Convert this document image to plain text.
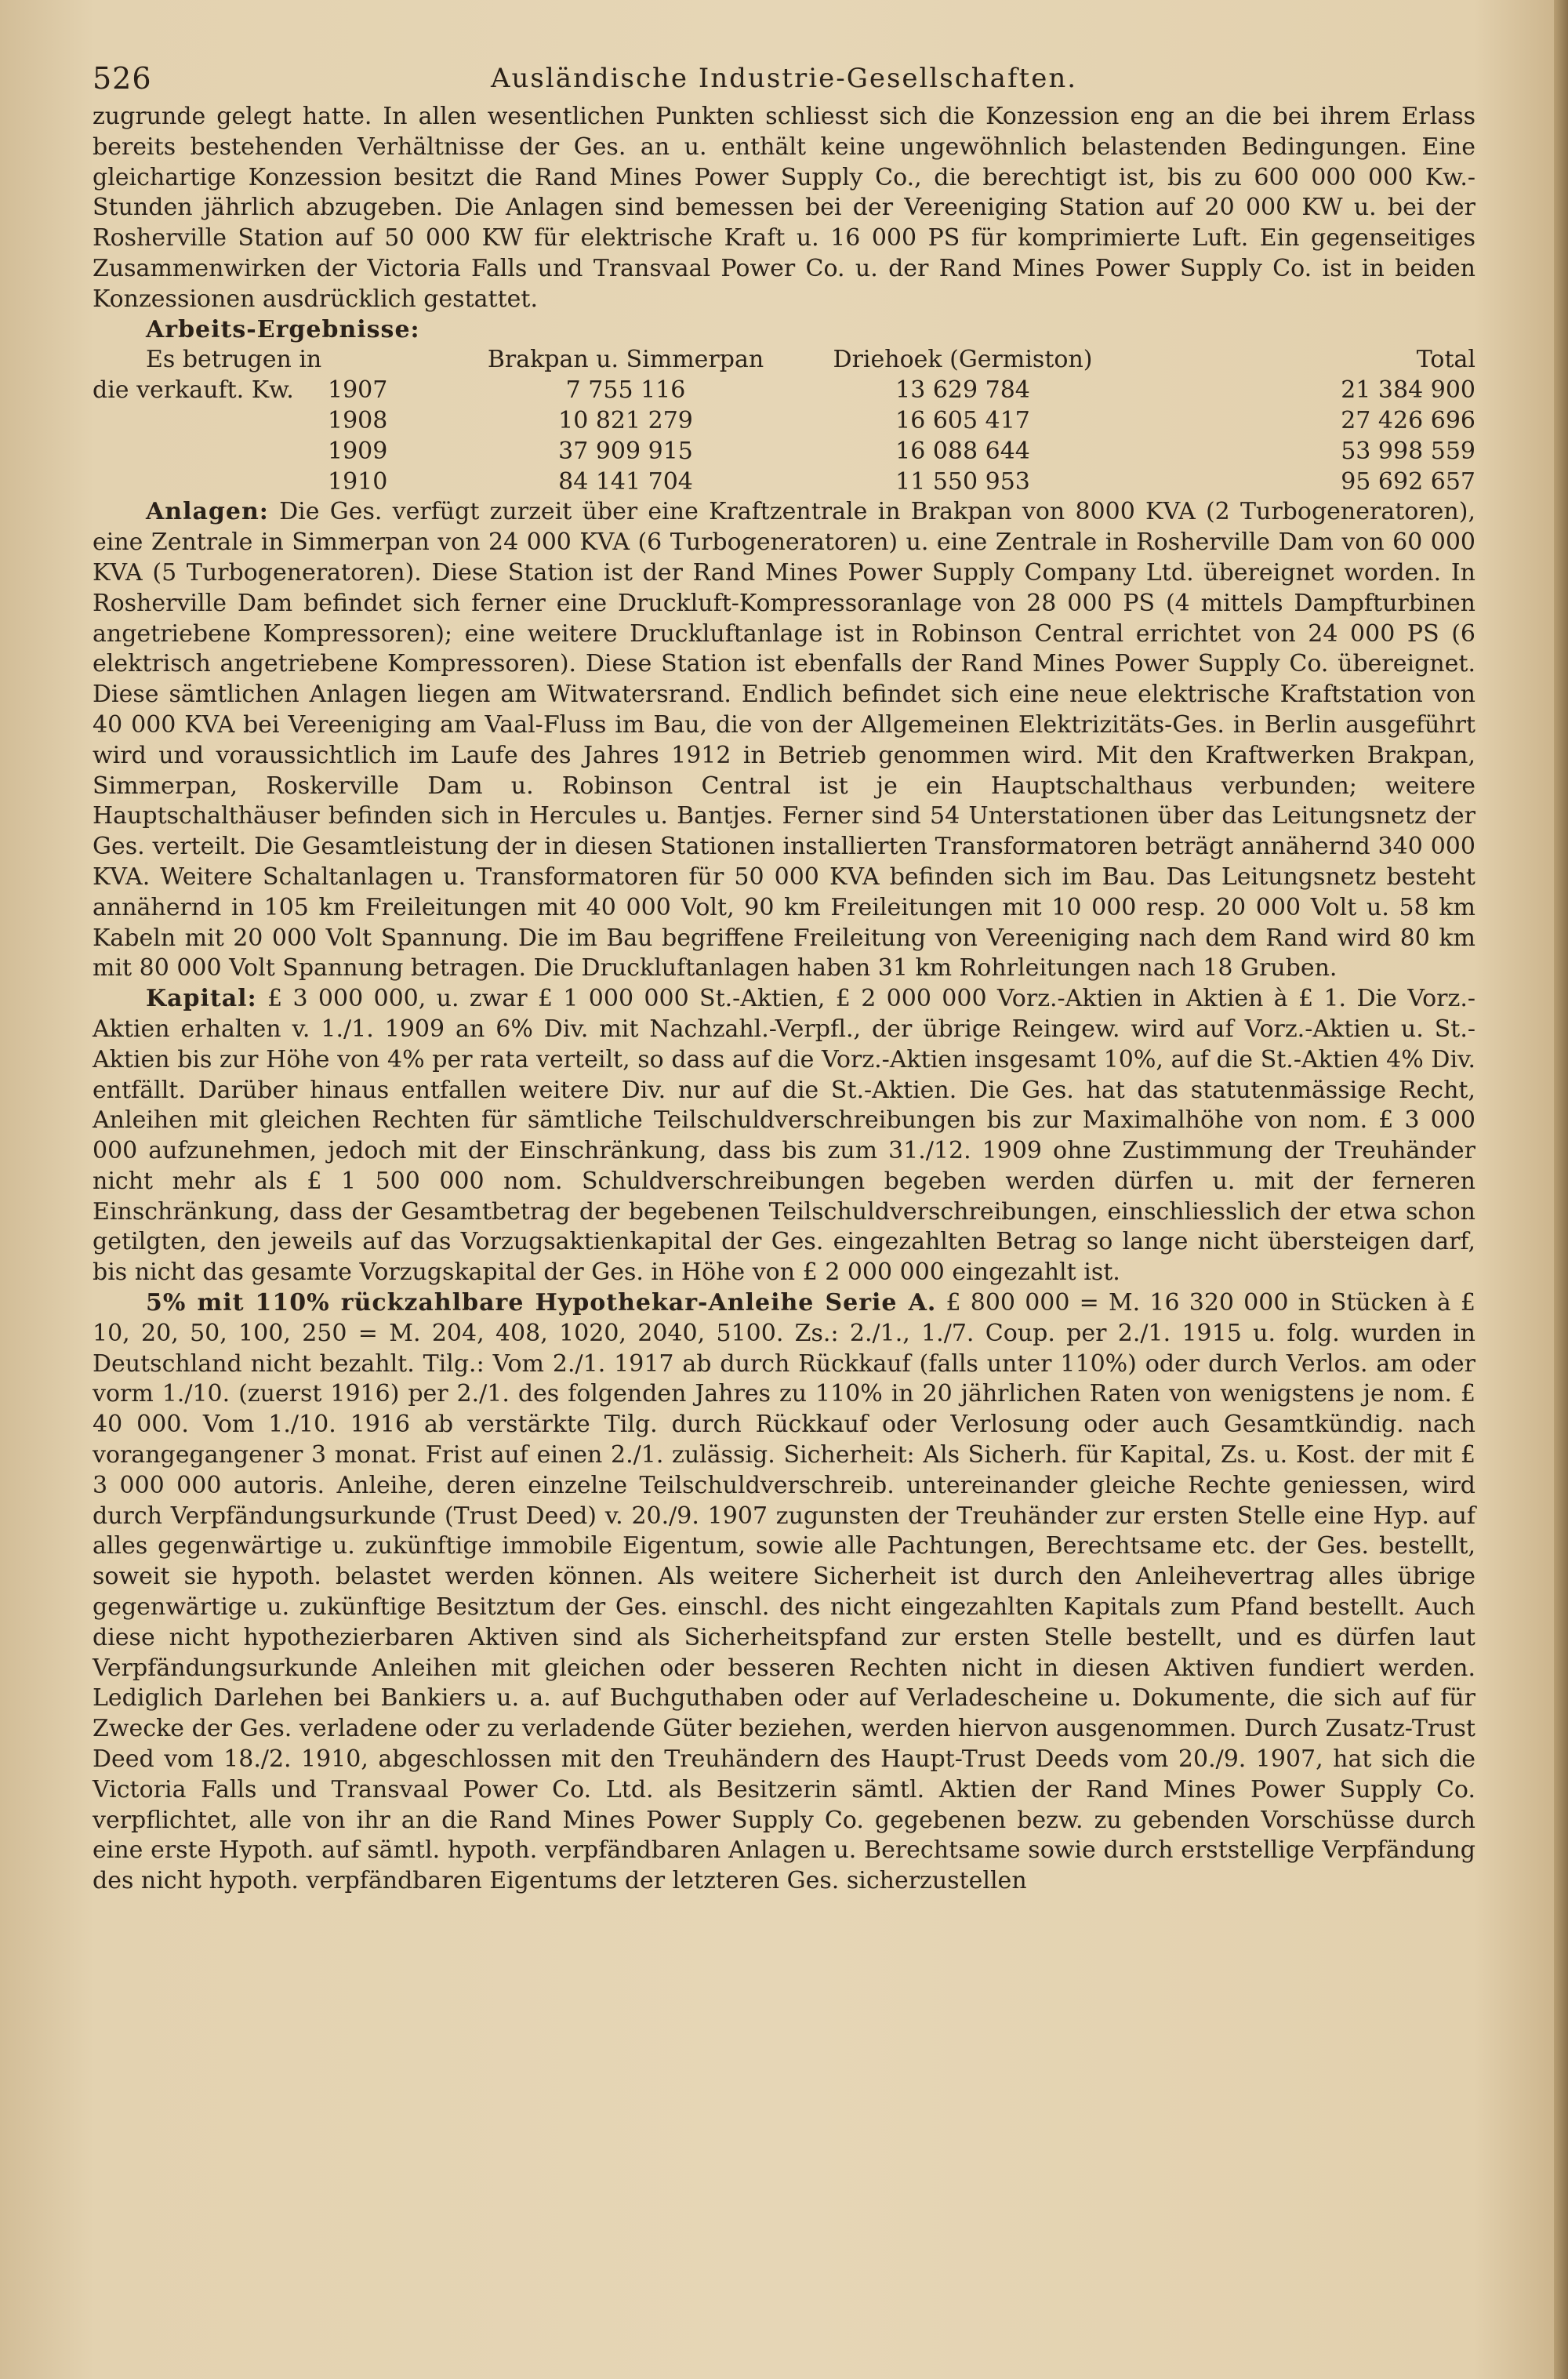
526	Ausländische Industrie-Gesellschaften.

zugrunde gelegt hatte. In allen wesentlichen Punkten schliesst sich die Konzession eng an die bei ihrem Erlass bereits bestehenden Verhältnisse der Ges. an u. enthält keine ungewöhnlich belastenden Bedingungen. Eine gleichartige Konzession besitzt die Rand Mines Power Supply Co., die berechtigt ist, bis zu 600 000 000 Kw.-Stunden jährlich abzugeben. Die Anlagen sind bemessen bei der Vereeniging Station auf 20 000 KW u. bei der Rosherville Station auf 50 000 KW für elektrische Kraft u. 16 000 PS für komprimierte Luft. Ein gegenseitiges Zusammenwirken der Victoria Falls und Transvaal Power Co. u. der Rand Mines Power Supply Co. ist in beiden Konzessionen ausdrücklich gestattet.

Arbeits-Ergebnisse:
Es betrugen in		Brakpan u. Simmerpan	Driehoek (Germiston)	Total
die verkauft. Kw.	1907	7 755 116	13 629 784	21 384 900
	1908	10 821 279	16 605 417	27 426 696
	1909	37 909 915	16 088 644	53 998 559
	1910	84 141 704	11 550 953	95 692 657

Anlagen: Die Ges. verfügt zurzeit über eine Kraftzentrale in Brakpan von 8000 KVA (2 Turbogeneratoren), eine Zentrale in Simmerpan von 24 000 KVA (6 Turbogeneratoren) u. eine Zentrale in Rosherville Dam von 60 000 KVA (5 Turbogeneratoren). Diese Station ist der Rand Mines Power Supply Company Ltd. übereignet worden. In Rosherville Dam befindet sich ferner eine Druckluft-Kompressoranlage von 28 000 PS (4 mittels Dampfturbinen angetriebene Kompressoren); eine weitere Druckluftanlage ist in Robinson Central errichtet von 24 000 PS (6 elektrisch angetriebene Kompressoren). Diese Station ist ebenfalls der Rand Mines Power Supply Co. übereignet. Diese sämtlichen Anlagen liegen am Witwatersrand. Endlich befindet sich eine neue elektrische Kraftstation von 40 000 KVA bei Vereeniging am Vaal-Fluss im Bau, die von der Allgemeinen Elektrizitäts-Ges. in Berlin ausgeführt wird und voraussichtlich im Laufe des Jahres 1912 in Betrieb genommen wird. Mit den Kraftwerken Brakpan, Simmerpan, Roskerville Dam u. Robinson Central ist je ein Hauptschalthaus verbunden; weitere Hauptschalthäuser befinden sich in Hercules u. Bantjes. Ferner sind 54 Unterstationen über das Leitungsnetz der Ges. verteilt. Die Gesamtleistung der in diesen Stationen installierten Transformatoren beträgt annähernd 340 000 KVA. Weitere Schaltanlagen u. Transformatoren für 50 000 KVA befinden sich im Bau. Das Leitungsnetz besteht annähernd in 105 km Freileitungen mit 40 000 Volt, 90 km Freileitungen mit 10 000 resp. 20 000 Volt u. 58 km Kabeln mit 20 000 Volt Spannung. Die im Bau begriffene Freileitung von Vereeniging nach dem Rand wird 80 km mit 80 000 Volt Spannung betragen. Die Druckluftanlagen haben 31 km Rohrleitungen nach 18 Gruben.

Kapital: £ 3 000 000, u. zwar £ 1 000 000 St.-Aktien, £ 2 000 000 Vorz.-Aktien in Aktien à £ 1. Die Vorz.-Aktien erhalten v. 1./1. 1909 an 6% Div. mit Nachzahl.-Verpfl., der übrige Reingew. wird auf Vorz.-Aktien u. St.-Aktien bis zur Höhe von 4% per rata verteilt, so dass auf die Vorz.-Aktien insgesamt 10%, auf die St.-Aktien 4% Div. entfällt. Darüber hinaus entfallen weitere Div. nur auf die St.-Aktien. Die Ges. hat das statutenmässige Recht, Anleihen mit gleichen Rechten für sämtliche Teilschuldverschreibungen bis zur Maximalhöhe von nom. £ 3 000 000 aufzunehmen, jedoch mit der Einschränkung, dass bis zum 31./12. 1909 ohne Zustimmung der Treuhänder nicht mehr als £ 1 500 000 nom. Schuldverschreibungen begeben werden dürfen u. mit der ferneren Einschränkung, dass der Gesamtbetrag der begebenen Teilschuldverschreibungen, einschliesslich der etwa schon getilgten, den jeweils auf das Vorzugsaktienkapital der Ges. eingezahlten Betrag so lange nicht übersteigen darf, bis nicht das gesamte Vorzugskapital der Ges. in Höhe von £ 2 000 000 eingezahlt ist.

5% mit 110% rückzahlbare Hypothekar-Anleihe Serie A. £ 800 000 = M. 16 320 000 in Stücken à £ 10, 20, 50, 100, 250 = M. 204, 408, 1020, 2040, 5100. Zs.: 2./1., 1./7. Coup. per 2./1. 1915 u. folg. wurden in Deutschland nicht bezahlt. Tilg.: Vom 2./1. 1917 ab durch Rückkauf (falls unter 110%) oder durch Verlos. am oder vorm 1./10. (zuerst 1916) per 2./1. des folgenden Jahres zu 110% in 20 jährlichen Raten von wenigstens je nom. £ 40 000. Vom 1./10. 1916 ab verstärkte Tilg. durch Rückkauf oder Verlosung oder auch Gesamtkündig. nach vorangegangener 3 monat. Frist auf einen 2./1. zulässig. Sicherheit: Als Sicherh. für Kapital, Zs. u. Kost. der mit £ 3 000 000 autoris. Anleihe, deren einzelne Teilschuldverschreib. untereinander gleiche Rechte geniessen, wird durch Verpfändungsurkunde (Trust Deed) v. 20./9. 1907 zugunsten der Treuhänder zur ersten Stelle eine Hyp. auf alles gegenwärtige u. zukünftige immobile Eigentum, sowie alle Pachtungen, Berechtsame etc. der Ges. bestellt, soweit sie hypoth. belastet werden können. Als weitere Sicherheit ist durch den Anleihevertrag alles übrige gegenwärtige u. zukünftige Besitztum der Ges. einschl. des nicht eingezahlten Kapitals zum Pfand bestellt. Auch diese nicht hypothezierbaren Aktiven sind als Sicherheitspfand zur ersten Stelle bestellt, und es dürfen laut Verpfändungsurkunde Anleihen mit gleichen oder besseren Rechten nicht in diesen Aktiven fundiert werden. Lediglich Darlehen bei Bankiers u. a. auf Buchguthaben oder auf Verladescheine u. Dokumente, die sich auf für Zwecke der Ges. verladene oder zu verladende Güter beziehen, werden hiervon ausgenommen. Durch Zusatz-Trust Deed vom 18./2. 1910, abgeschlossen mit den Treuhändern des Haupt-Trust Deeds vom 20./9. 1907, hat sich die Victoria Falls und Transvaal Power Co. Ltd. als Besitzerin sämtl. Aktien der Rand Mines Power Supply Co. verpflichtet, alle von ihr an die Rand Mines Power Supply Co. gegebenen bezw. zu gebenden Vorschüsse durch eine erste Hypoth. auf sämtl. hypoth. verpfändbaren Anlagen u. Berechtsame sowie durch erststellige Verpfändung des nicht hypoth. verpfändbaren Eigentums der letzteren Ges. sicherzustellen
